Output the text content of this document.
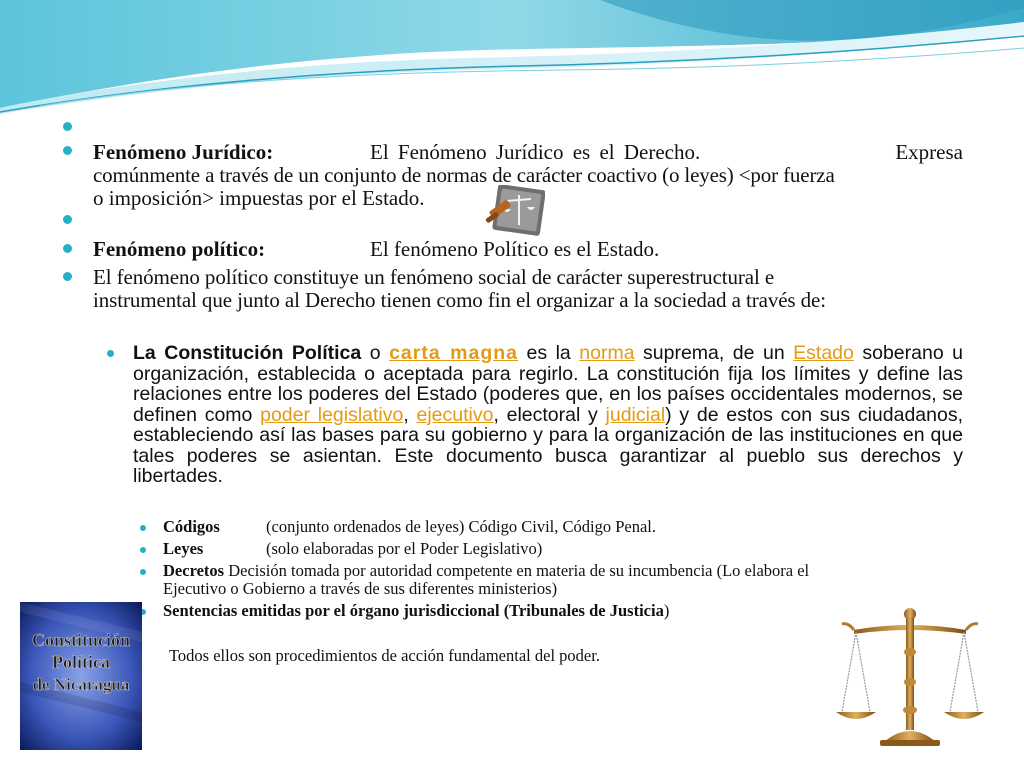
Fenómeno Jurídico:	El Fenómeno Jurídico es el Derecho.	Expresa
comúnmente a través de un conjunto de normas de carácter coactivo (o leyes) <por fuerza
o imposición> impuestas por el Estado.
Fenómeno político:	El fenómeno Político es el Estado.
El fenómeno político constituye un fenómeno social de carácter superestructural e
instrumental que junto al Derecho tienen como fin el organizar a la sociedad a través de:
La Constitución Política o carta magna es la norma suprema, de un Estado soberano u organización, establecida o aceptada para regirlo. La constitución fija los límites y define las relaciones entre los poderes del Estado (poderes que, en los países occidentales modernos, se definen como poder legislativo, ejecutivo, electoral y judicial) y de estos con sus ciudadanos, estableciendo así las bases para su gobierno y para la organización de las instituciones en que tales poderes se asientan. Este documento busca garantizar al pueblo sus derechos y libertades.
Códigos	(conjunto ordenados de leyes) Código Civil, Código Penal.
Leyes	(solo elaboradas por el Poder Legislativo)
Decretos Decisión tomada por autoridad competente en materia de su incumbencia (Lo elabora el
Ejecutivo o Gobierno a través de sus diferentes ministerios)
Sentencias emitidas por el órgano jurisdiccional (Tribunales de Justicia)
Todos ellos son procedimientos de acción fundamental del poder.
Constitución
Política
de Nicaragua
